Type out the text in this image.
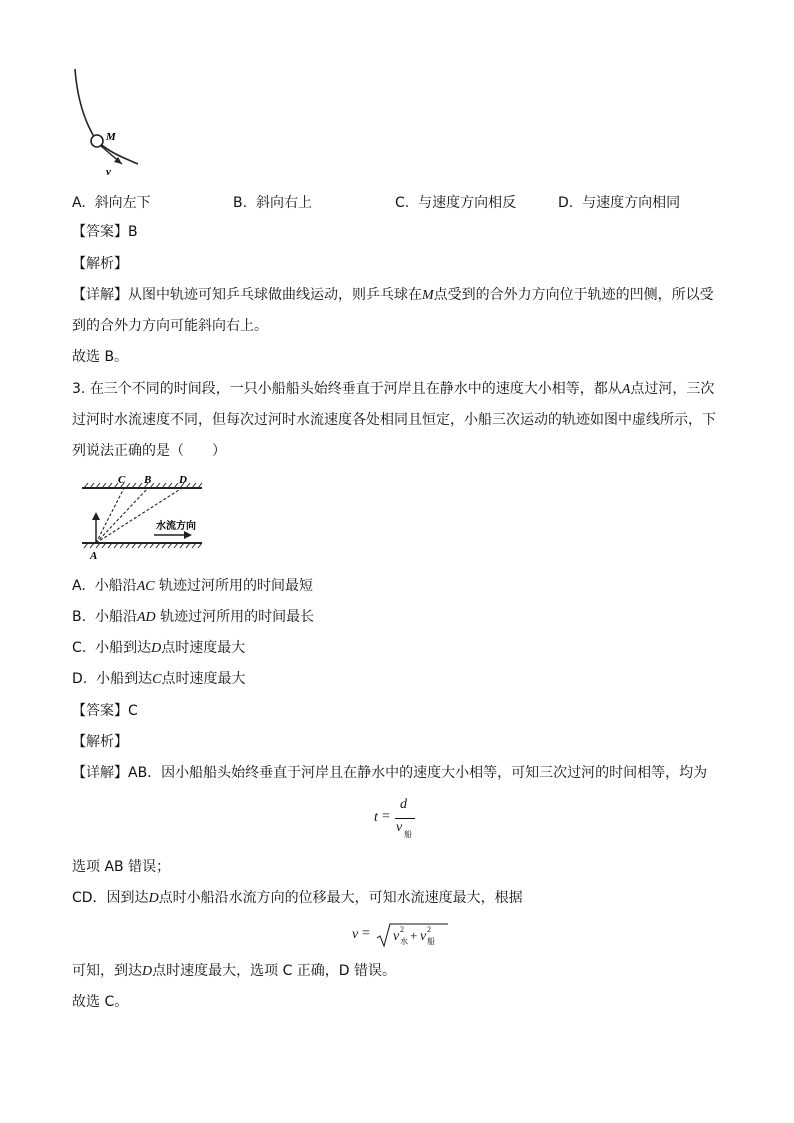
M
v
A. 斜向左下	B. 斜向右上	C. 与速度方向相反	D. 与速度方向相同
【答案】B
【解析】
【详解】从图中轨迹可知乒乓球做曲线运动，则乒乓球在M点受到的合外力方向位于轨迹的凹侧，所以受
到的合外力方向可能斜向右上。
故选 B。
3. 在三个不同的时间段，一只小船船头始终垂直于河岸且在静水中的速度大小相等，都从A点过河，三次
过河时水流速度不同，但每次过河时水流速度各处相同且恒定，小船三次运动的轨迹如图中虚线所示，下
列说法正确的是（　　）
C B	D
A
水流方向
A. 小船沿AC 轨迹过河所用的时间最短
B. 小船沿AD 轨迹过河所用的时间最长
C. 小船到达D点时速度最大
D. 小船到达C点时速度最大
【答案】C
【解析】
【详解】AB．因小船船头始终垂直于河岸且在静水中的速度大小相等，可知三次过河的时间相等，均为
t =
d
v 船
选项 AB 错误；
CD．因到达D点时小船沿水流方向的位移最大，可知水流速度最大，根据
v = v 2
水 + v 2
船
可知，到达D点时速度最大，选项 C 正确，D 错误。
故选 C。
